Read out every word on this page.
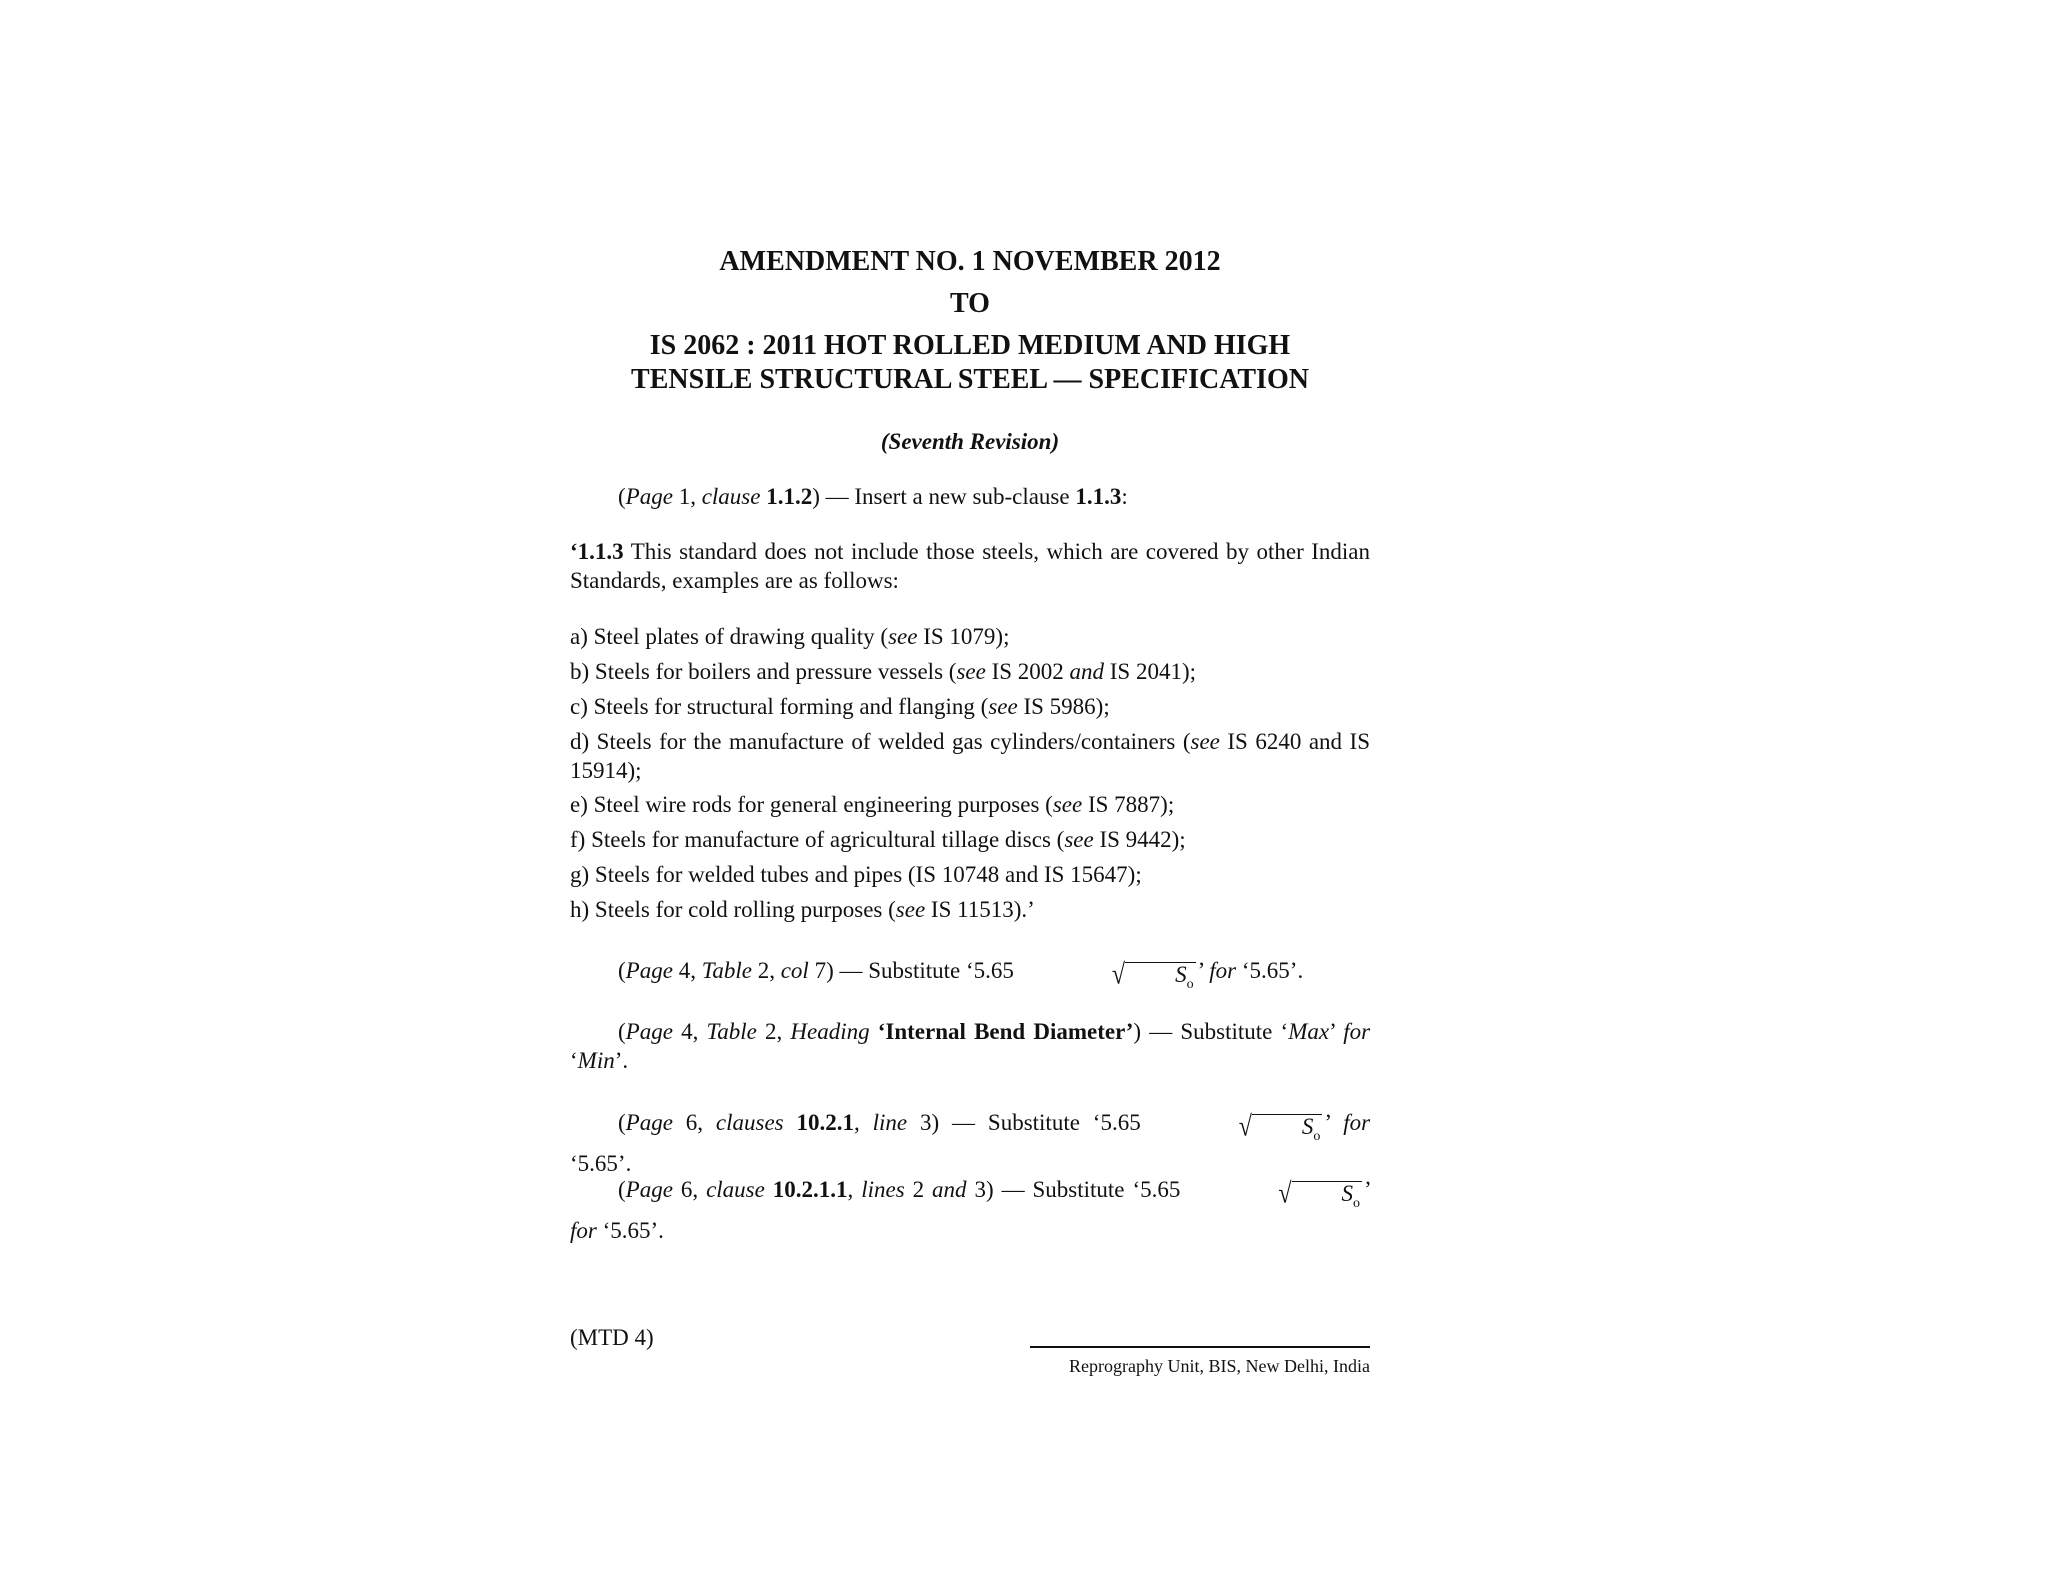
AMENDMENT NO. 1 NOVEMBER 2012
TO
IS 2062 : 2011 HOT ROLLED MEDIUM AND HIGH
TENSILE STRUCTURAL STEEL — SPECIFICATION
(Seventh Revision)
(Page 1, clause 1.1.2) — Insert a new sub-clause 1.1.3:
‘1.1.3 This standard does not include those steels, which are covered by other Indian Standards, examples are as follows:
a) Steel plates of drawing quality (see IS 1079);
b) Steels for boilers and pressure vessels (see IS 2002 and IS 2041);
c) Steels for structural forming and flanging (see IS 5986);
d) Steels for the manufacture of welded gas cylinders/containers (see IS 6240 and IS 15914);
e) Steel wire rods for general engineering purposes (see IS 7887);
f) Steels for manufacture of agricultural tillage discs (see IS 9442);
g) Steels for welded tubes and pipes (IS 10748 and IS 15647);
h) Steels for cold rolling purposes (see IS 11513).’
(Page 4, Table 2, col 7) — Substitute ‘5.65	√ $S_o$’ for ‘5.65’.
(Page 4, Table 2, Heading ‘Internal Bend Diameter’) — Substitute ‘Max’ for ‘Min’.
(Page 6, clauses 10.2.1, line 3) — Substitute ‘5.65	√ $S_o$’ for ‘5.65’.
(Page 6, clause 10.2.1.1, lines 2 and 3) — Substitute ‘5.65	√ $S_o$’ for ‘5.65’.
(MTD 4)
Reprography Unit, BIS, New Delhi, India
